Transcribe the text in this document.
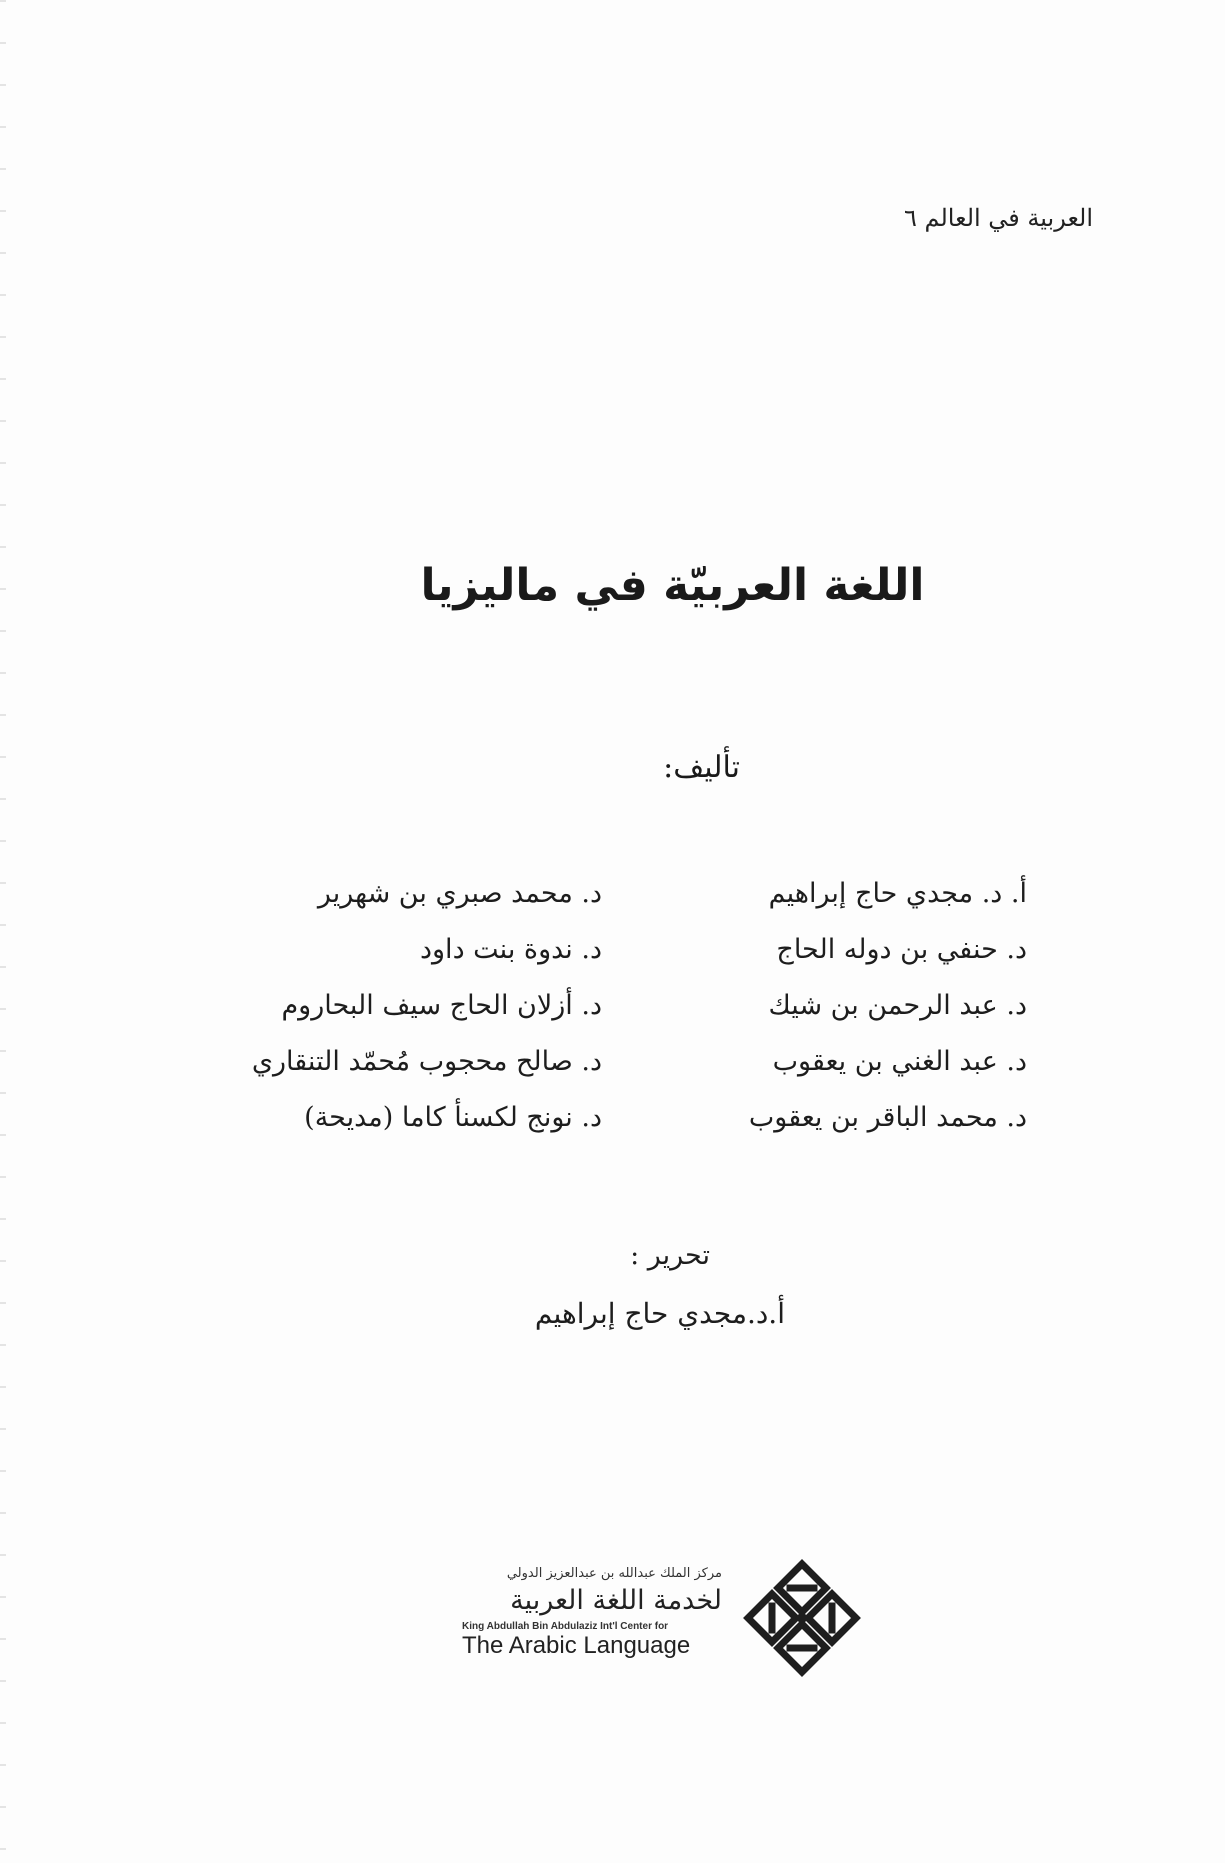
العربية في العالم ٦
اللغة العربيّة في ماليزيا
تأليف:
أ. د. مجدي حاج إبراهيم
د. حنفي بن دوله الحاج
د. عبد الرحمن بن شيك
د. عبد الغني بن يعقوب
د. محمد الباقر بن يعقوب
د. محمد صبري بن شهرير
د. ندوة بنت داود
د. أزلان الحاج سيف البحاروم
د. صالح محجوب مُحمّد التنقاري
د. نونج لكسنأ كاما (مديحة)
تحرير :
أ.د.مجدي حاج إبراهيم
مركز الملك عبدالله بن عبدالعزيز الدولي
لخدمة اللغة العربية
King Abdullah Bin Abdulaziz Int'l Center for
The Arabic Language
